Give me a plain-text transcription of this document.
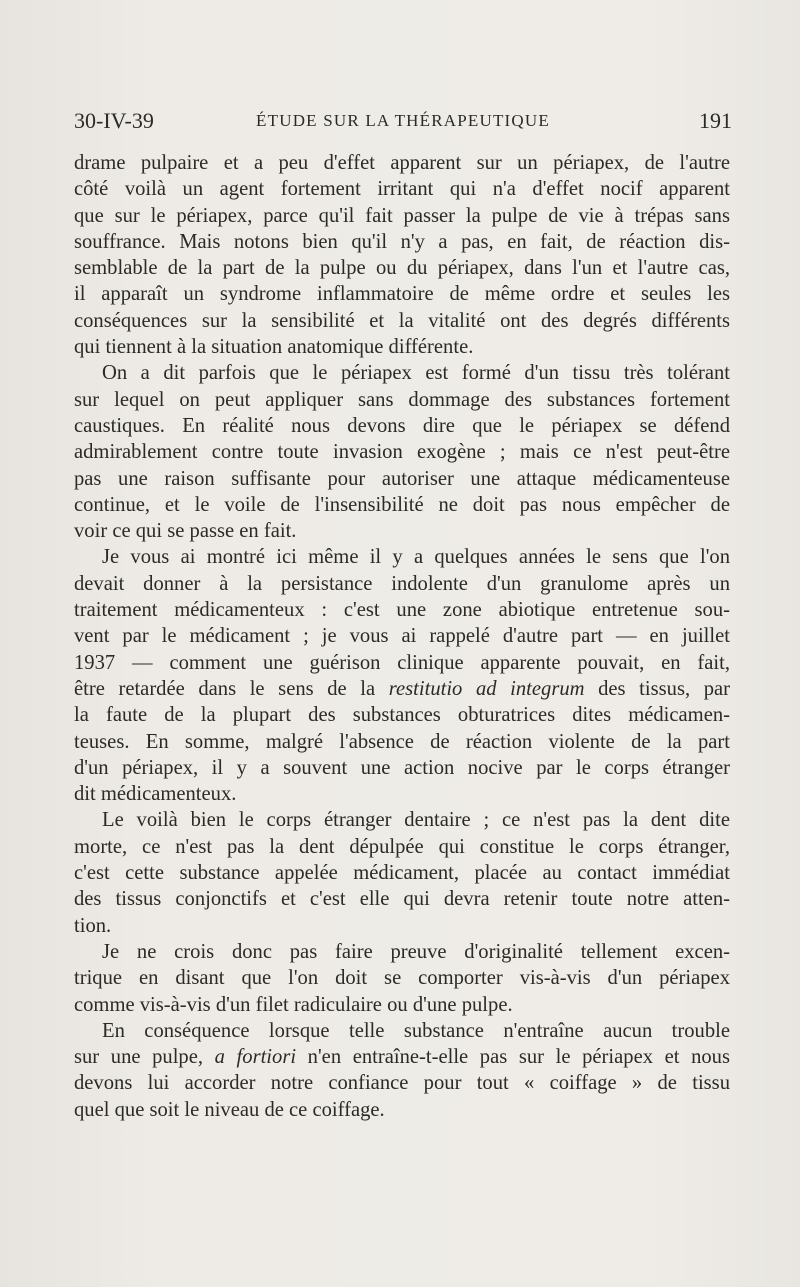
30-IV-39	ÉTUDE SUR LA THÉRAPEUTIQUE	191

drame pulpaire et a peu d'effet apparent sur un périapex, de l'autre
côté voilà un agent fortement irritant qui n'a d'effet nocif apparent
que sur le périapex, parce qu'il fait passer la pulpe de vie à trépas sans
souffrance. Mais notons bien qu'il n'y a pas, en fait, de réaction dis-
semblable de la part de la pulpe ou du périapex, dans l'un et l'autre cas,
il apparaît un syndrome inflammatoire de même ordre et seules les
conséquences sur la sensibilité et la vitalité ont des degrés différents
qui tiennent à la situation anatomique différente.

On a dit parfois que le périapex est formé d'un tissu très tolérant
sur lequel on peut appliquer sans dommage des substances fortement
caustiques. En réalité nous devons dire que le périapex se défend
admirablement contre toute invasion exogène ; mais ce n'est peut-être
pas une raison suffisante pour autoriser une attaque médicamenteuse
continue, et le voile de l'insensibilité ne doit pas nous empêcher de
voir ce qui se passe en fait.

Je vous ai montré ici même il y a quelques années le sens que l'on
devait donner à la persistance indolente d'un granulome après un
traitement médicamenteux : c'est une zone abiotique entretenue sou-
vent par le médicament ; je vous ai rappelé d'autre part — en juillet
1937 — comment une guérison clinique apparente pouvait, en fait,
être retardée dans le sens de la restitutio ad integrum des tissus, par
la faute de la plupart des substances obturatrices dites médicamen-
teuses. En somme, malgré l'absence de réaction violente de la part
d'un périapex, il y a souvent une action nocive par le corps étranger
dit médicamenteux.

Le voilà bien le corps étranger dentaire ; ce n'est pas la dent dite
morte, ce n'est pas la dent dépulpée qui constitue le corps étranger,
c'est cette substance appelée médicament, placée au contact immédiat
des tissus conjonctifs et c'est elle qui devra retenir toute notre atten-
tion.

Je ne crois donc pas faire preuve d'originalité tellement excen-
trique en disant que l'on doit se comporter vis-à-vis d'un périapex
comme vis-à-vis d'un filet radiculaire ou d'une pulpe.

En conséquence lorsque telle substance n'entraîne aucun trouble
sur une pulpe, a fortiori n'en entraîne-t-elle pas sur le périapex et nous
devons lui accorder notre confiance pour tout « coiffage » de tissu
quel que soit le niveau de ce coiffage.
